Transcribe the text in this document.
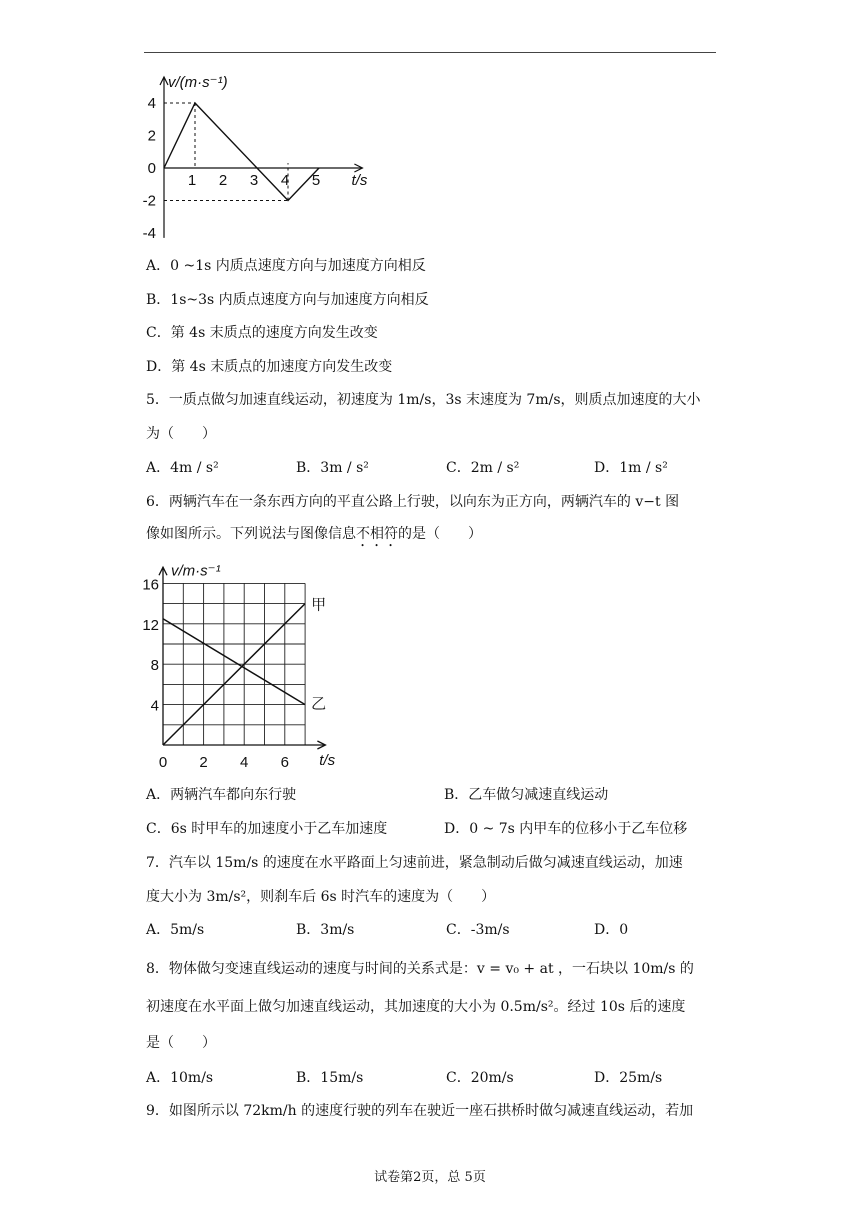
4
2
0
-2
-4
1 2 3 4 5
v/(m·s⁻¹)
t/s
A．0 ~1s 内质点速度方向与加速度方向相反
B．1s~3s 内质点速度方向与加速度方向相反
C．第 4s 末质点的速度方向发生改变
D．第 4s 末质点的加速度方向发生改变
5．一质点做匀加速直线运动，初速度为 1m/s，3s 末速度为 7m/s，则质点加速度的大小
为（　　）
A．4m / s²	B．3m / s²	C．2m / s²	D．1m / s²
6．两辆汽车在一条东西方向的平直公路上行驶，以向东为正方向，两辆汽车的 v−t 图
像如图所示。下列说法与图像信息不相符的是（　　）
甲
乙
16
12
8
4
0 2 4 6
v/m·s⁻¹
t/s
A．两辆汽车都向东行驶	B．乙车做匀减速直线运动
C．6s 时甲车的加速度小于乙车加速度	D．0 ~ 7s 内甲车的位移小于乙车位移
7．汽车以 15m/s 的速度在水平路面上匀速前进，紧急制动后做匀减速直线运动，加速
度大小为 3m/s²，则刹车后 6s 时汽车的速度为（　　）
A．5m/s	B．3m/s	C．-3m/s	D．0
8．物体做匀变速直线运动的速度与时间的关系式是：v = v₀ + at ，一石块以 10m/s 的
初速度在水平面上做匀加速直线运动，其加速度的大小为 0.5m/s²。经过 10s 后的速度
是（　　）
A．10m/s	B．15m/s	C．20m/s	D．25m/s
9．如图所示以 72km/h 的速度行驶的列车在驶近一座石拱桥时做匀减速直线运动，若加
试卷第2页，总 5页
